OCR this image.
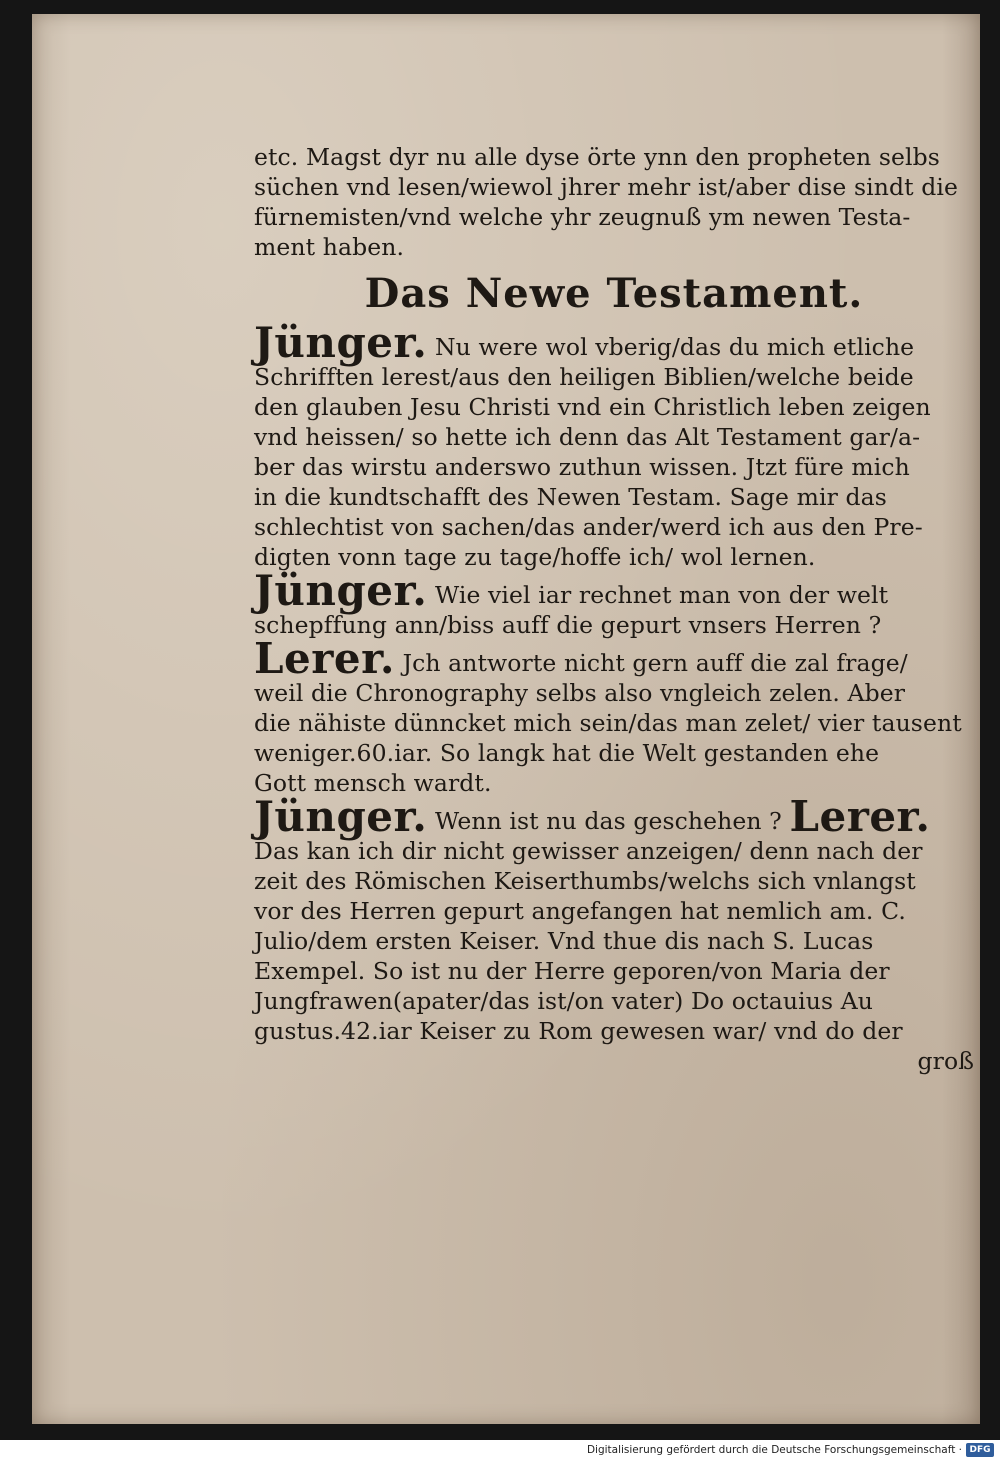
etc. Magst dyr nu alle dyse örte ynn den propheten selbs
süchen vnd lesen/wiewol jhrer mehr ist/aber dise sindt die
fürnemisten/vnd welche yhr zeugnuß ym newen Testa-
ment haben.
Das Newe Testament.
Jünger. Nu were wol vberig/das du mich etliche
Schrifften lerest/aus den heiligen Biblien/welche beide
den glauben Jesu Christi vnd ein Christlich leben zeigen
vnd heissen/ so hette ich denn das Alt Testament gar/a-
ber das wirstu anderswo zuthun wissen. Jtzt füre mich
in die kundtschafft des Newen Testam. Sage mir das
schlechtist von sachen/das ander/werd ich aus den Pre-
digten vonn tage zu tage/hoffe ich/ wol lernen.
Jünger. Wie viel iar rechnet man von der welt
schepffung ann/biss auff die gepurt vnsers Herren ?
Lerer. Jch antworte nicht gern auff die zal frage/
weil die Chronography selbs also vngleich zelen. Aber
die nähiste dünncket mich sein/das man zelet/ vier tausent
weniger.60.iar. So langk hat die Welt gestanden ehe
Gott mensch wardt.
Jünger. Wenn ist nu das geschehen ? Lerer.
Das kan ich dir nicht gewisser anzeigen/ denn nach der
zeit des Römischen Keiserthumbs/welchs sich vnlangst
vor des Herren gepurt angefangen hat nemlich am. C.
Julio/dem ersten Keiser. Vnd thue dis nach S. Lucas
Exempel. So ist nu der Herre geporen/von Maria der
Jungfrawen(apater/das ist/on vater) Do octauius Au
gustus.42.iar Keiser zu Rom gewesen war/ vnd do der
groß
Digitalisierung gefördert durch die Deutsche Forschungsgemeinschaft · DFG
